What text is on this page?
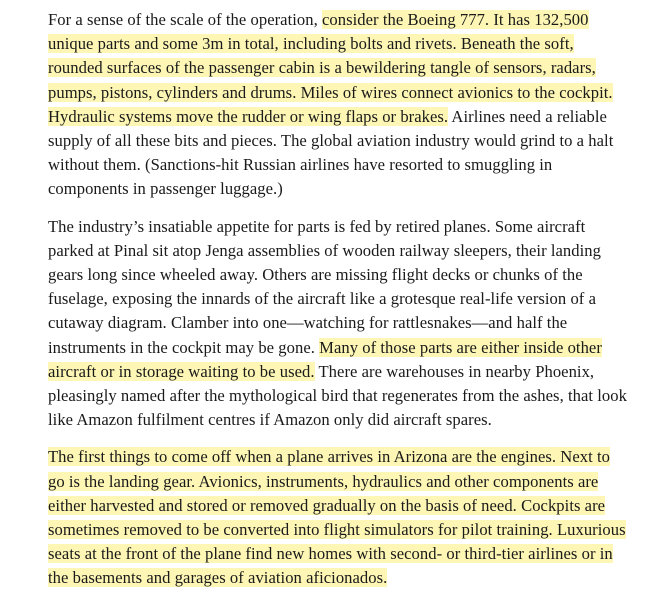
For a sense of the scale of the operation, consider the Boeing 777. It has 132,500 unique parts and some 3m in total, including bolts and rivets. Beneath the soft, rounded surfaces of the passenger cabin is a bewildering tangle of sensors, radars, pumps, pistons, cylinders and drums. Miles of wires connect avionics to the cockpit. Hydraulic systems move the rudder or wing flaps or brakes. Airlines need a reliable supply of all these bits and pieces. The global aviation industry would grind to a halt without them. (Sanctions-hit Russian airlines have resorted to smuggling in components in passenger luggage.)

The industry’s insatiable appetite for parts is fed by retired planes. Some aircraft parked at Pinal sit atop Jenga assemblies of wooden railway sleepers, their landing gears long since wheeled away. Others are missing flight decks or chunks of the fuselage, exposing the innards of the aircraft like a grotesque real-life version of a cutaway diagram. Clamber into one—watching for rattlesnakes—and half the instruments in the cockpit may be gone. Many of those parts are either inside other aircraft or in storage waiting to be used. There are warehouses in nearby Phoenix, pleasingly named after the mythological bird that regenerates from the ashes, that look like Amazon fulfilment centres if Amazon only did aircraft spares.

The first things to come off when a plane arrives in Arizona are the engines. Next to go is the landing gear. Avionics, instruments, hydraulics and other components are either harvested and stored or removed gradually on the basis of need. Cockpits are sometimes removed to be converted into flight simulators for pilot training. Luxurious seats at the front of the plane find new homes with second- or third-tier airlines or in the basements and garages of aviation aficionados.
